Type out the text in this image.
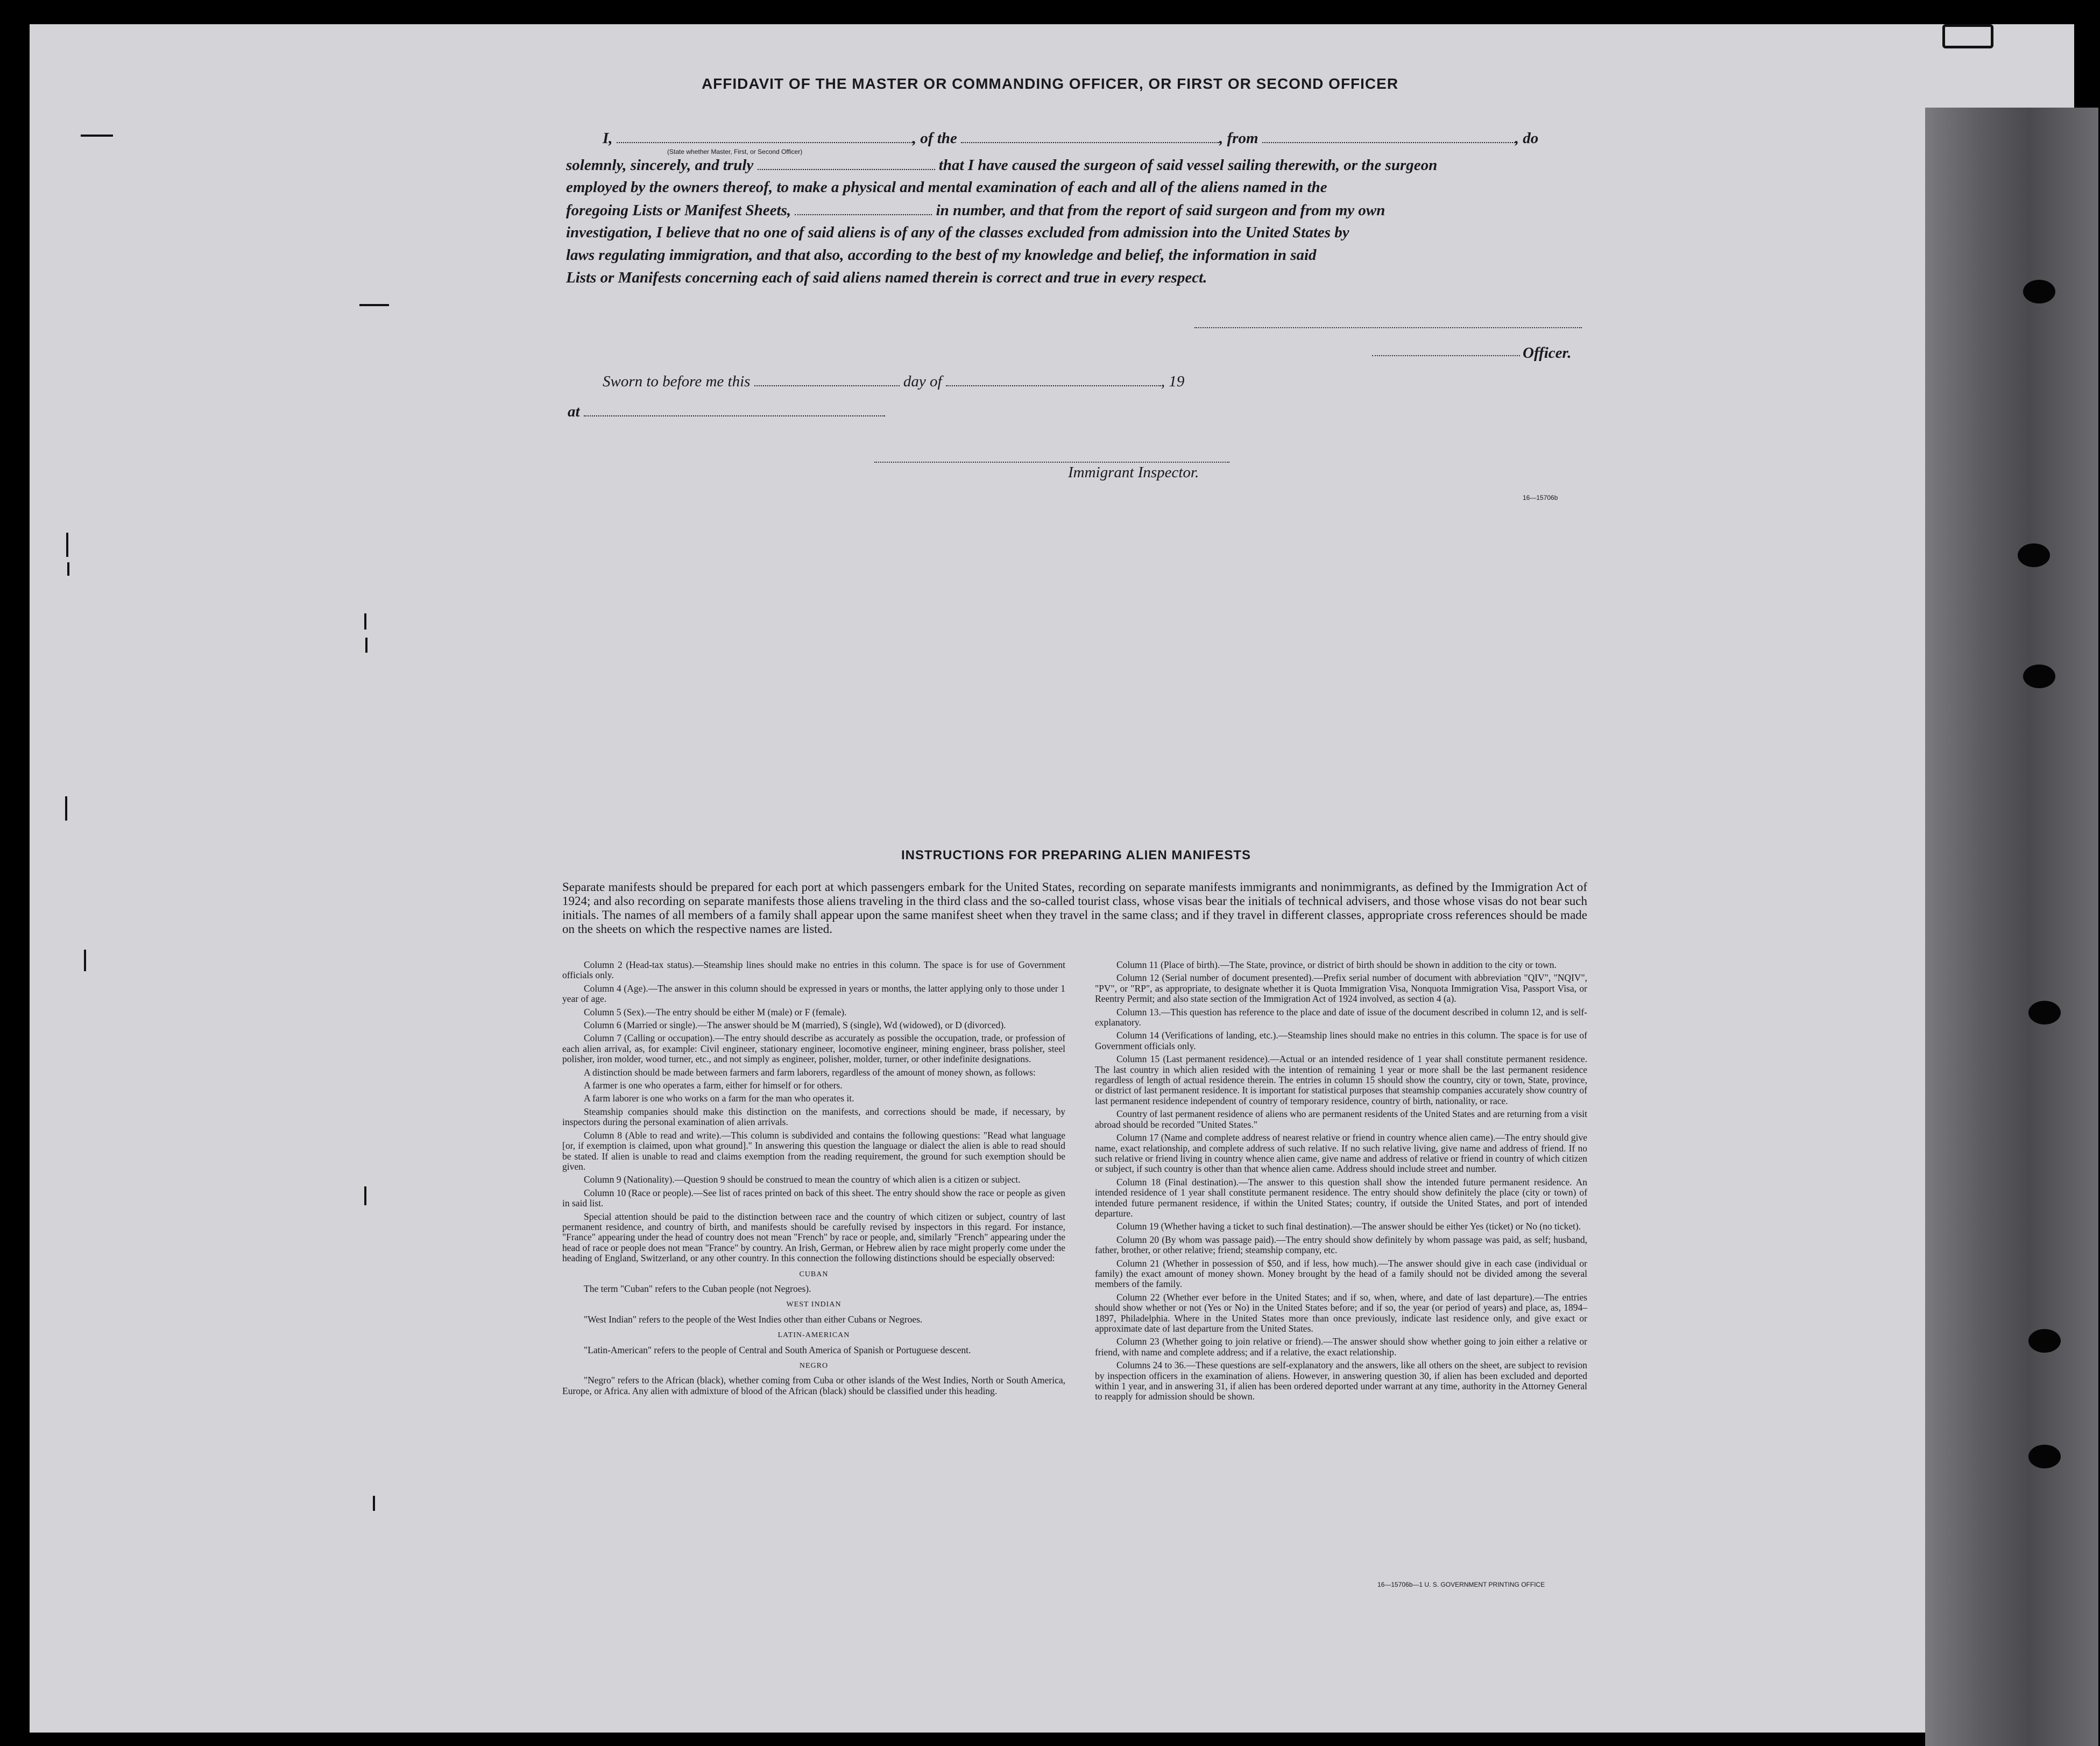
AFFIDAVIT OF THE MASTER OR COMMANDING OFFICER, OR FIRST OR SECOND OFFICER
I,	, of the	, from	, do
(State whether Master, First, or Second Officer)
solemnly, sincerely, and truly	that I have caused the surgeon of said vessel sailing therewith, or the surgeon
employed by the owners thereof, to make a physical and mental examination of each and all of the aliens named in the
foregoing Lists or Manifest Sheets,	in number, and that from the report of said surgeon and from my own
investigation, I believe that no one of said aliens is of any of the classes excluded from admission into the United States by
laws regulating immigration, and that also, according to the best of my knowledge and belief, the information in said
Lists or Manifests concerning each of said aliens named therein is correct and true in every respect.
Officer.
Sworn to before me this	day of	, 19
at
Immigrant Inspector.
16—15706b
INSTRUCTIONS FOR PREPARING ALIEN MANIFESTS
Separate manifests should be prepared for each port at which passengers embark for the United States, recording on separate manifests immigrants and nonimmigrants, as defined by the Immigration Act of 1924; and also recording on separate manifests those aliens traveling in the third class and the so-called tourist class, whose visas bear the initials of technical advisers, and those whose visas do not bear such initials. The names of all members of a family shall appear upon the same manifest sheet when they travel in the same class; and if they travel in different classes, appropriate cross references should be made on the sheets on which the respective names are listed.

Column 2 (Head-tax status).—Steamship lines should make no entries in this column. The space is for use of Government officials only.

Column 4 (Age).—The answer in this column should be expressed in years or months, the latter applying only to those under 1 year of age.

Column 5 (Sex).—The entry should be either M (male) or F (female).

Column 6 (Married or single).—The answer should be M (married), S (single), Wd (widowed), or D (divorced).

Column 7 (Calling or occupation).—The entry should describe as accurately as possible the occupation, trade, or profession of each alien arrival, as, for example: Civil engineer, stationary engineer, locomotive engineer, mining engineer, brass polisher, steel polisher, iron molder, wood turner, etc., and not simply as engineer, polisher, molder, turner, or other indefinite designations.

A distinction should be made between farmers and farm laborers, regardless of the amount of money shown, as follows:

A farmer is one who operates a farm, either for himself or for others.

A farm laborer is one who works on a farm for the man who operates it.

Steamship companies should make this distinction on the manifests, and corrections should be made, if necessary, by inspectors during the personal examination of alien arrivals.

Column 8 (Able to read and write).—This column is subdivided and contains the following questions: "Read what language [or, if exemption is claimed, upon what ground]." In answering this question the language or dialect the alien is able to read should be stated. If alien is unable to read and claims exemption from the reading requirement, the ground for such exemption should be given.

Column 9 (Nationality).—Question 9 should be construed to mean the country of which alien is a citizen or subject.

Column 10 (Race or people).—See list of races printed on back of this sheet. The entry should show the race or people as given in said list.

Special attention should be paid to the distinction between race and the country of which citizen or subject, country of last permanent residence, and country of birth, and manifests should be carefully revised by inspectors in this regard. For instance, "France" appearing under the head of country does not mean "French" by race or people, and, similarly "French" appearing under the head of race or people does not mean "France" by country. An Irish, German, or Hebrew alien by race might properly come under the heading of England, Switzerland, or any other country. In this connection the following distinctions should be especially observed:

CUBAN

The term "Cuban" refers to the Cuban people (not Negroes).

WEST INDIAN

"West Indian" refers to the people of the West Indies other than either Cubans or Negroes.

LATIN-AMERICAN

"Latin-American" refers to the people of Central and South America of Spanish or Portuguese descent.

NEGRO

"Negro" refers to the African (black), whether coming from Cuba or other islands of the West Indies, North or South America, Europe, or Africa. Any alien with admixture of blood of the African (black) should be classified under this heading.

Column 11 (Place of birth).—The State, province, or district of birth should be shown in addition to the city or town.

Column 12 (Serial number of document presented).—Prefix serial number of document with abbreviation "QIV", "NQIV", "PV", or "RP", as appropriate, to designate whether it is Quota Immigration Visa, Nonquota Immigration Visa, Passport Visa, or Reentry Permit; and also state section of the Immigration Act of 1924 involved, as section 4 (a).

Column 13.—This question has reference to the place and date of issue of the document described in column 12, and is self-explanatory.

Column 14 (Verifications of landing, etc.).—Steamship lines should make no entries in this column. The space is for use of Government officials only.

Column 15 (Last permanent residence).—Actual or an intended residence of 1 year shall constitute permanent residence. The last country in which alien resided with the intention of remaining 1 year or more shall be the last permanent residence regardless of length of actual residence therein. The entries in column 15 should show the country, city or town, State, province, or district of last permanent residence. It is important for statistical purposes that steamship companies accurately show country of last permanent residence independent of country of temporary residence, country of birth, nationality, or race.

Country of last permanent residence of aliens who are permanent residents of the United States and are returning from a visit abroad should be recorded "United States."

Column 17 (Name and complete address of nearest relative or friend in country whence alien came).—The entry should give name, exact relationship, and complete address of such relative. If no such relative living, give name and address of friend. If no such relative or friend living in country whence alien came, give name and address of relative or friend in country of which citizen or subject, if such country is other than that whence alien came. Address should include street and number.

Column 18 (Final destination).—The answer to this question shall show the intended future permanent residence. An intended residence of 1 year shall constitute permanent residence. The entry should show definitely the place (city or town) of intended future permanent residence, if within the United States; country, if outside the United States, and port of intended departure.

Column 19 (Whether having a ticket to such final destination).—The answer should be either Yes (ticket) or No (no ticket).

Column 20 (By whom was passage paid).—The entry should show definitely by whom passage was paid, as self; husband, father, brother, or other relative; friend; steamship company, etc.

Column 21 (Whether in possession of $50, and if less, how much).—The answer should give in each case (individual or family) the exact amount of money shown. Money brought by the head of a family should not be divided among the several members of the family.

Column 22 (Whether ever before in the United States; and if so, when, where, and date of last departure).—The entries should show whether or not (Yes or No) in the United States before; and if so, the year (or period of years) and place, as, 1894–1897, Philadelphia. Where in the United States more than once previously, indicate last residence only, and give exact or approximate date of last departure from the United States.

Column 23 (Whether going to join relative or friend).—The answer should show whether going to join either a relative or friend, with name and complete address; and if a relative, the exact relationship.

Columns 24 to 36.—These questions are self-explanatory and the answers, like all others on the sheet, are subject to revision by inspection officers in the examination of aliens. However, in answering question 30, if alien has been excluded and deported within 1 year, and in answering 31, if alien has been ordered deported under warrant at any time, authority in the Attorney General to reapply for admission should be shown.

16—15706b—1 U. S. GOVERNMENT PRINTING OFFICE
